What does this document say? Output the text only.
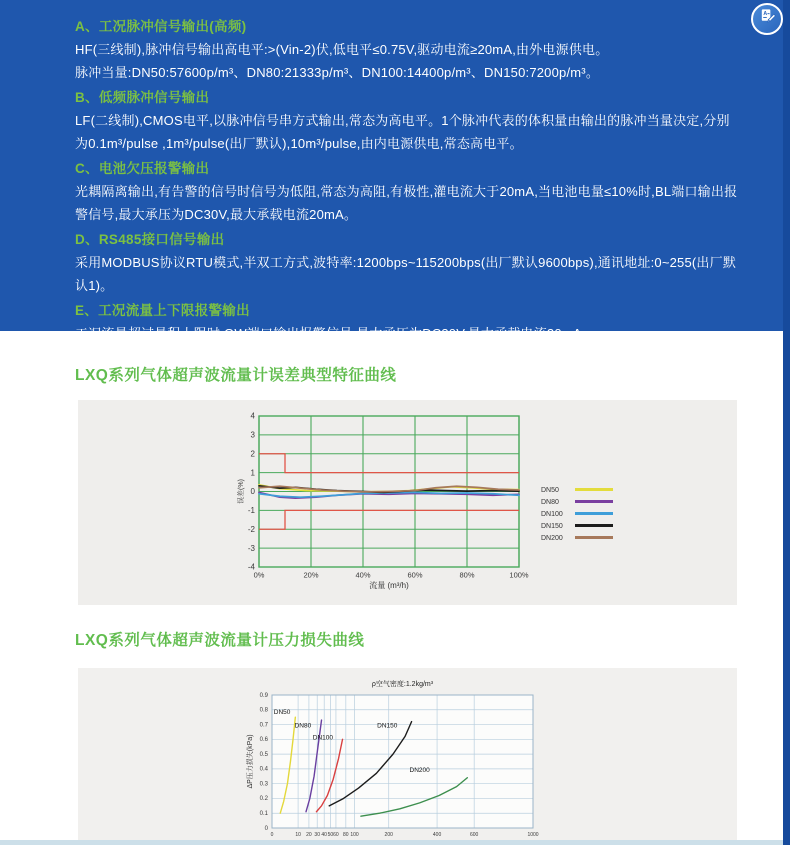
A、工况脉冲信号输出(高频)

HF(三线制),脉冲信号输出高电平:>(Vin-2)伏,低电平≤0.75V,驱动电流≥20mA,由外电源供电。

脉冲当量:DN50:57600p/m³、DN80:21333p/m³、DN100:14400p/m³、DN150:7200p/m³。

B、低频脉冲信号输出

LF(二线制),CMOS电平,以脉冲信号串方式输出,常态为高电平。1个脉冲代表的体积量由输出的脉冲当量决定,分别为0.1m³/pulse ,1m³/pulse(出厂默认),10m³/pulse,由内电源供电,常态高电平。

C、电池欠压报警输出

光耦隔离输出,有告警的信号时信号为低阻,常态为高阻,有极性,灌电流大于20mA,当电池电量≤10%时,BL端口输出报警信号,最大承压为DC30V,最大承载电流20mA。

D、RS485接口信号输出

采用MODBUS协议RTU模式,半双工方式,波特率:1200bps~115200bps(出厂默认9600bps),通讯地址:0~255(出厂默认1)。

E、工况流量上下限报警输出

工况流量超过量程上限时,QW端口输出报警信号,最大承压为DC30V,最大承载电流20mA。

A
LXQ系列气体超声波流量计误差典型特征曲线
LXQ系列气体超声波流量计压力损失曲线
0%	20%	40%	60%	80%	100%
-4
-3
-2
-1
0
1
2
3
4
流量 (m³/h)
误差(%)	DN50
DN80
DN100
DN150
DN200
0	10 20 30 40 50 60 80 100	200	400	600	1000
0
0.1
0.2
0.3
0.4
0.5
0.6
0.7
0.8
0.9
DN50
DN80
DN100
DN150
DN200
ρ空气密度:1.2kg/m³
ΔP压力损失(kPa)
